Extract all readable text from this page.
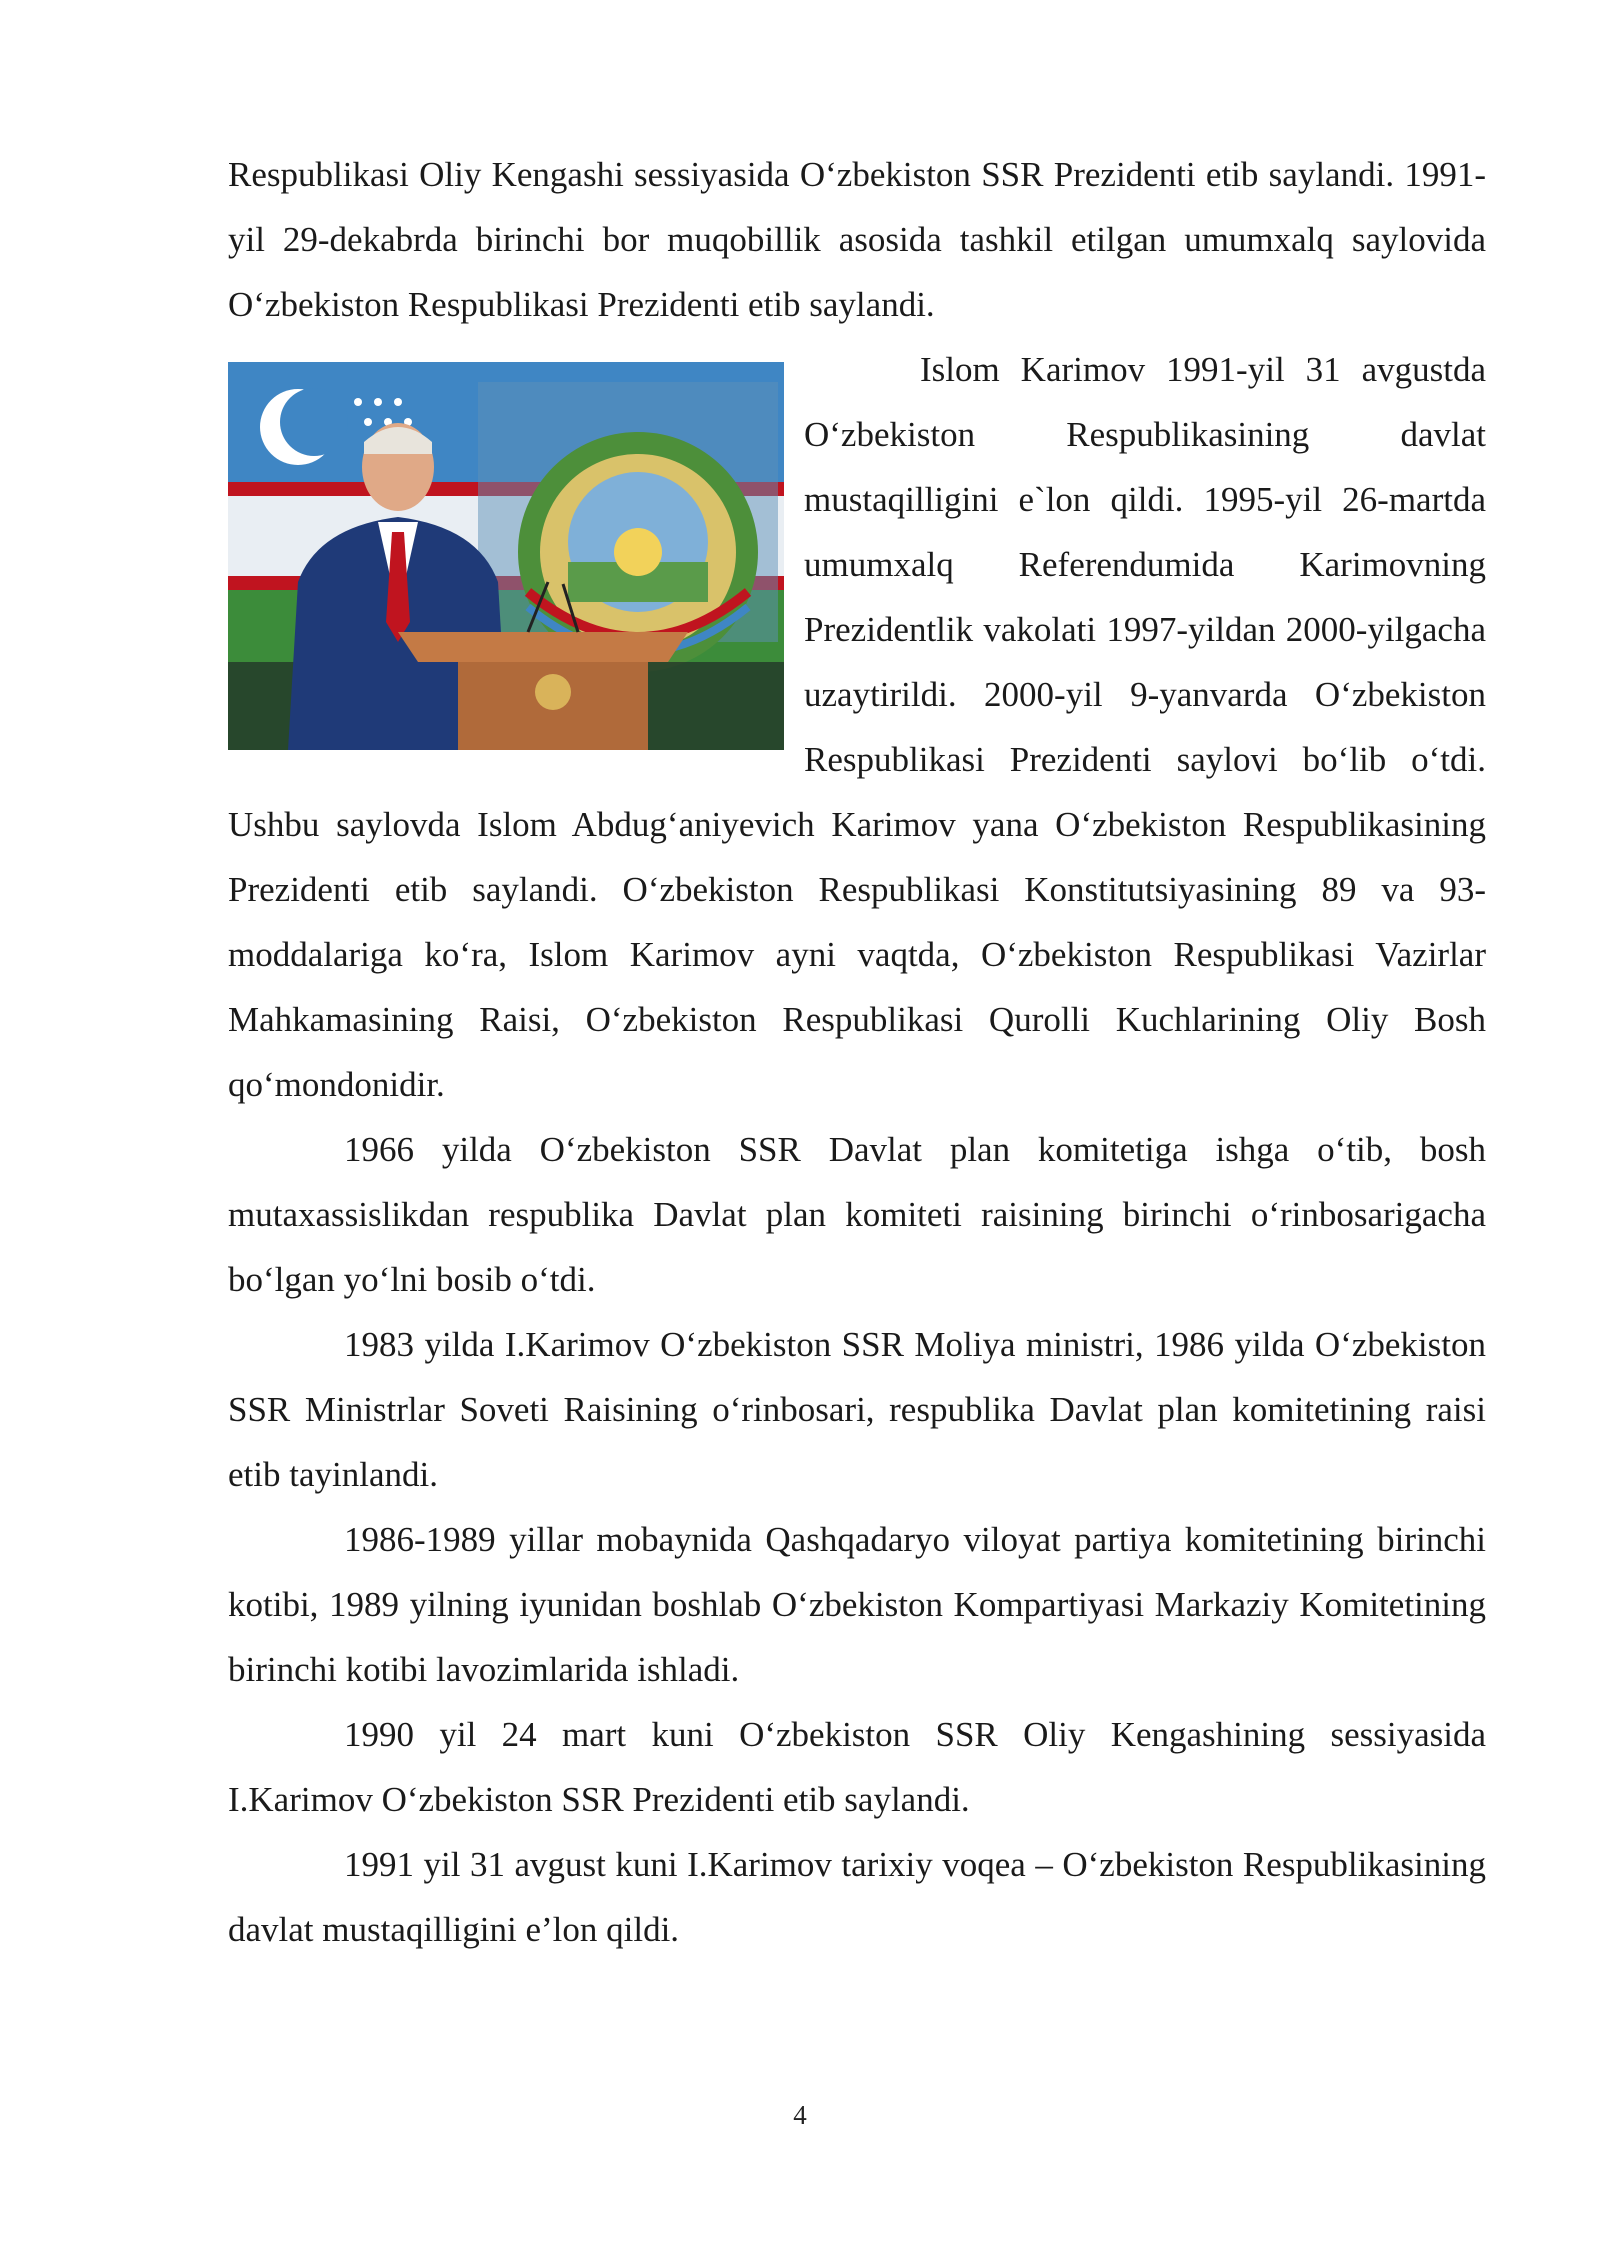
Respublikasi Oliy Kengashi sessiyasida O‘zbekiston SSR Prezidenti etib saylandi. 1991-yil 29-dekabrda birinchi bor muqobillik asosida tashkil etilgan umumxalq saylovida O‘zbekiston Respublikasi Prezidenti etib saylandi.

Islom Karimov 1991-yil 31 avgustda O‘zbekiston Respublikasining davlat mustaqilligini e`lon qildi. 1995-yil 26-martda umumxalq Referendumida Karimovning Prezidentlik vakolati 1997-yildan 2000-yilgacha uzaytirildi. 2000-yil 9-yanvarda O‘zbekiston Respublikasi Prezidenti saylovi bo‘lib o‘tdi. Ushbu saylovda Islom Abdug‘aniyevich Karimov yana O‘zbekiston Respublikasining Prezidenti etib saylandi. O‘zbekiston Respublikasi Konstitutsiyasining 89 va 93-moddalariga ko‘ra, Islom Karimov ayni vaqtda, O‘zbekiston Respublikasi Vazirlar Mahkamasining Raisi, O‘zbekiston Respublikasi Qurolli Kuchlarining Oliy Bosh qo‘mondonidir.

1966 yilda O‘zbekiston SSR Davlat plan komitetiga ishga o‘tib, bosh mutaxassislikdan respublika Davlat plan komiteti raisining birinchi o‘rinbosarigacha bo‘lgan yo‘lni bosib o‘tdi.

1983 yilda I.Karimov O‘zbekiston SSR Moliya ministri, 1986 yilda O‘zbekiston SSR Ministrlar Soveti Raisining o‘rinbosari, respublika Davlat plan komitetining raisi etib tayinlandi.

1986-1989 yillar mobaynida Qashqadaryo viloyat partiya komitetining birinchi kotibi, 1989 yilning iyunidan boshlab O‘zbekiston Kompartiyasi Markaziy Komitetining birinchi kotibi lavozimlarida ishladi.

1990 yil 24 mart kuni O‘zbekiston SSR Oliy Kengashining sessiyasida I.Karimov O‘zbekiston SSR Prezidenti etib saylandi.

1991 yil 31 avgust kuni I.Karimov tarixiy voqea – O‘zbekiston Respublikasining davlat mustaqilligini e’lon qildi.

4
